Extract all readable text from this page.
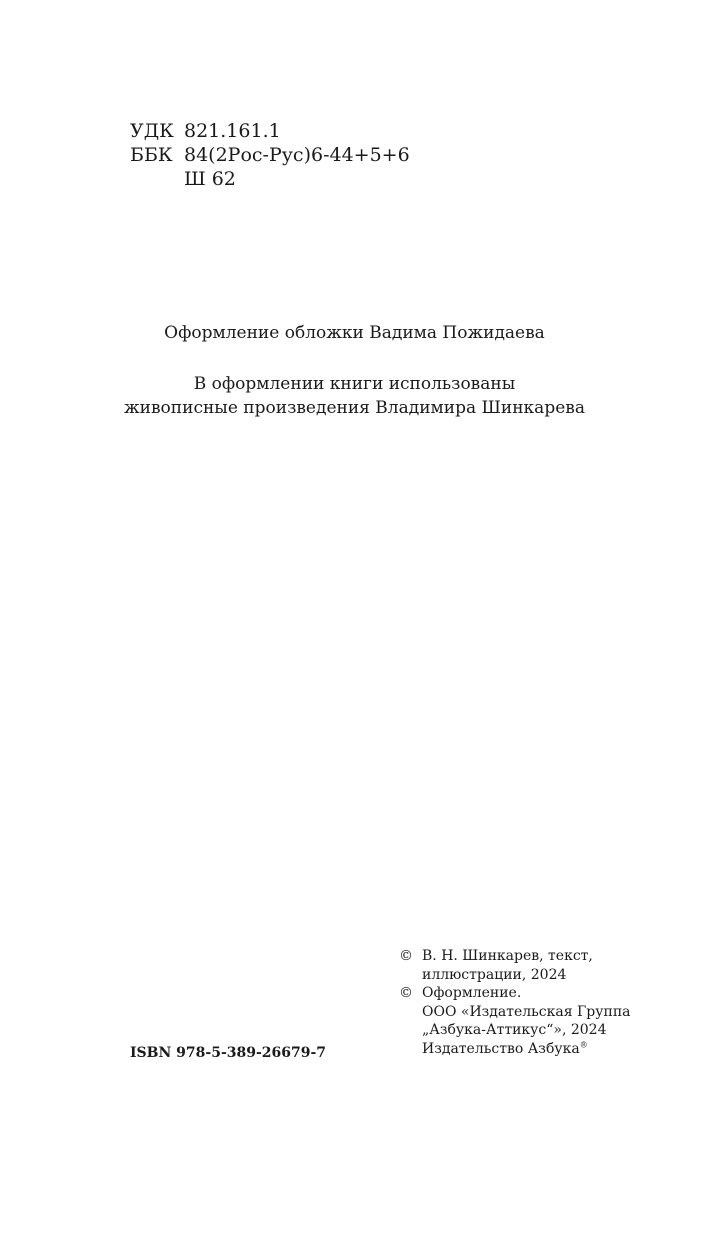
УДК 821.161.1
ББК 84(2Рос-Рус)6-44+5+6
Ш 62
Оформление обложки Вадима Пожидаева
В оформлении книги использованы
живописные произведения Владимира Шинкарева
© В. Н. Шинкарев, текст,
иллюстрации, 2024
© Оформление.
ООО «Издательская Группа
„Азбука-Аттикус“», 2024
Издательство Азбука®
ISBN 978-5-389-26679-7
